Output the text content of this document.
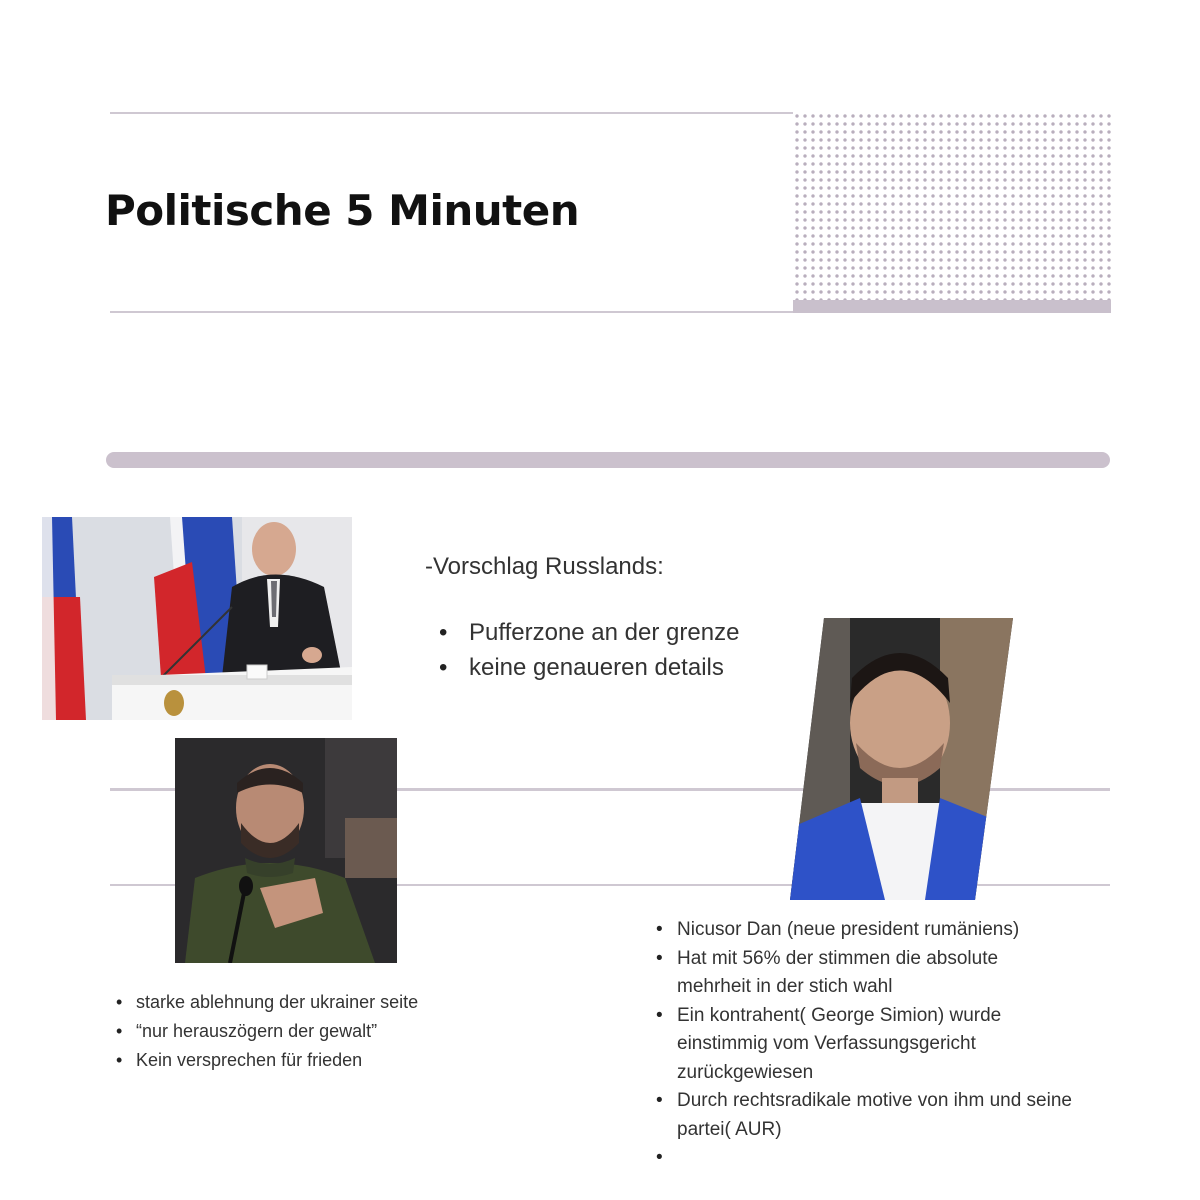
Politische 5 Minuten
-Vorschlag Russlands:
• Pufferzone an der grenze
• keine genaueren details
• starke ablehnung der ukrainer seite
• “nur herauszögern der gewalt”
• Kein versprechen für frieden
• Nicusor Dan (neue president rumäniens)
• Hat mit 56% der stimmen die absolute mehrheit in der stich wahl
• Ein kontrahent( George Simion) wurde einstimmig vom Verfassungsgericht zurückgewiesen
• Durch rechtsradikale motive von ihm und seine partei( AUR)
•
